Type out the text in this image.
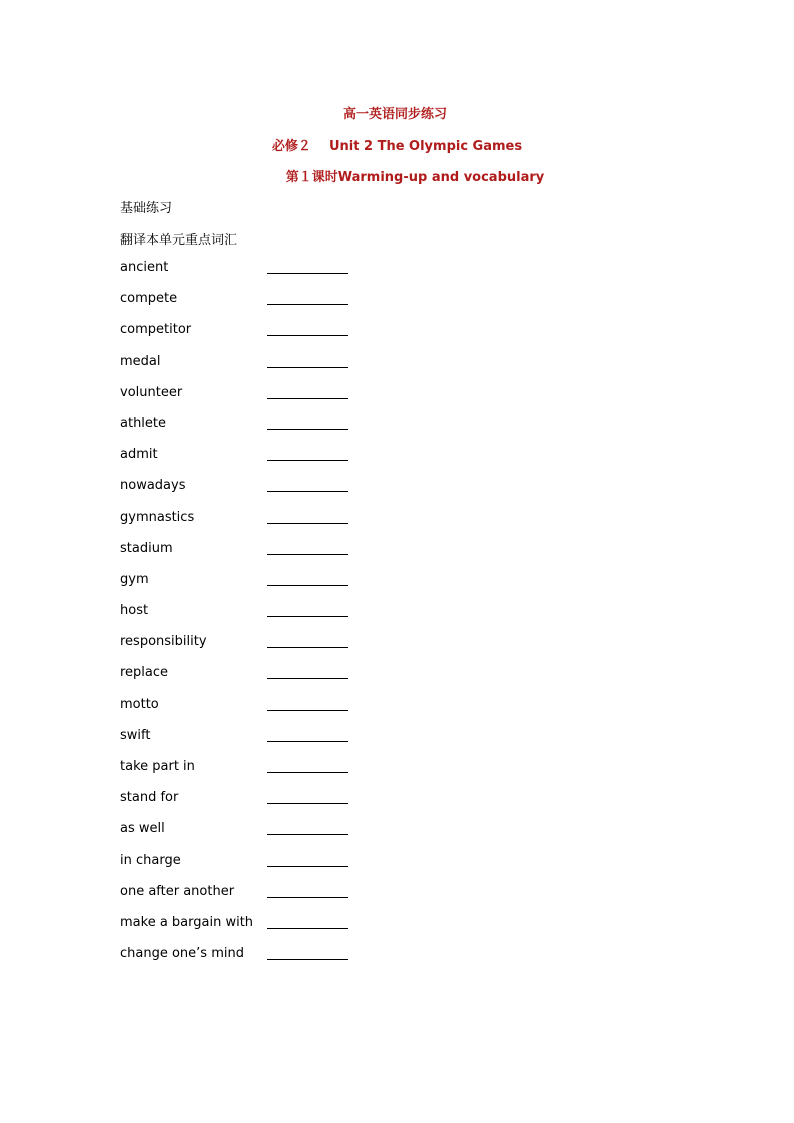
高一英语同步练习
必修２    Unit 2 The Olympic Games
第１课时Warming-up and vocabulary
基础练习
翻译本单元重点词汇
ancient
compete
competitor
medal
volunteer
athlete
admit
nowadays
gymnastics
stadium
gym
host
responsibility
replace
motto
swift
take part in
stand for
as well
in charge
one after another
make a bargain with
change one’s mind
